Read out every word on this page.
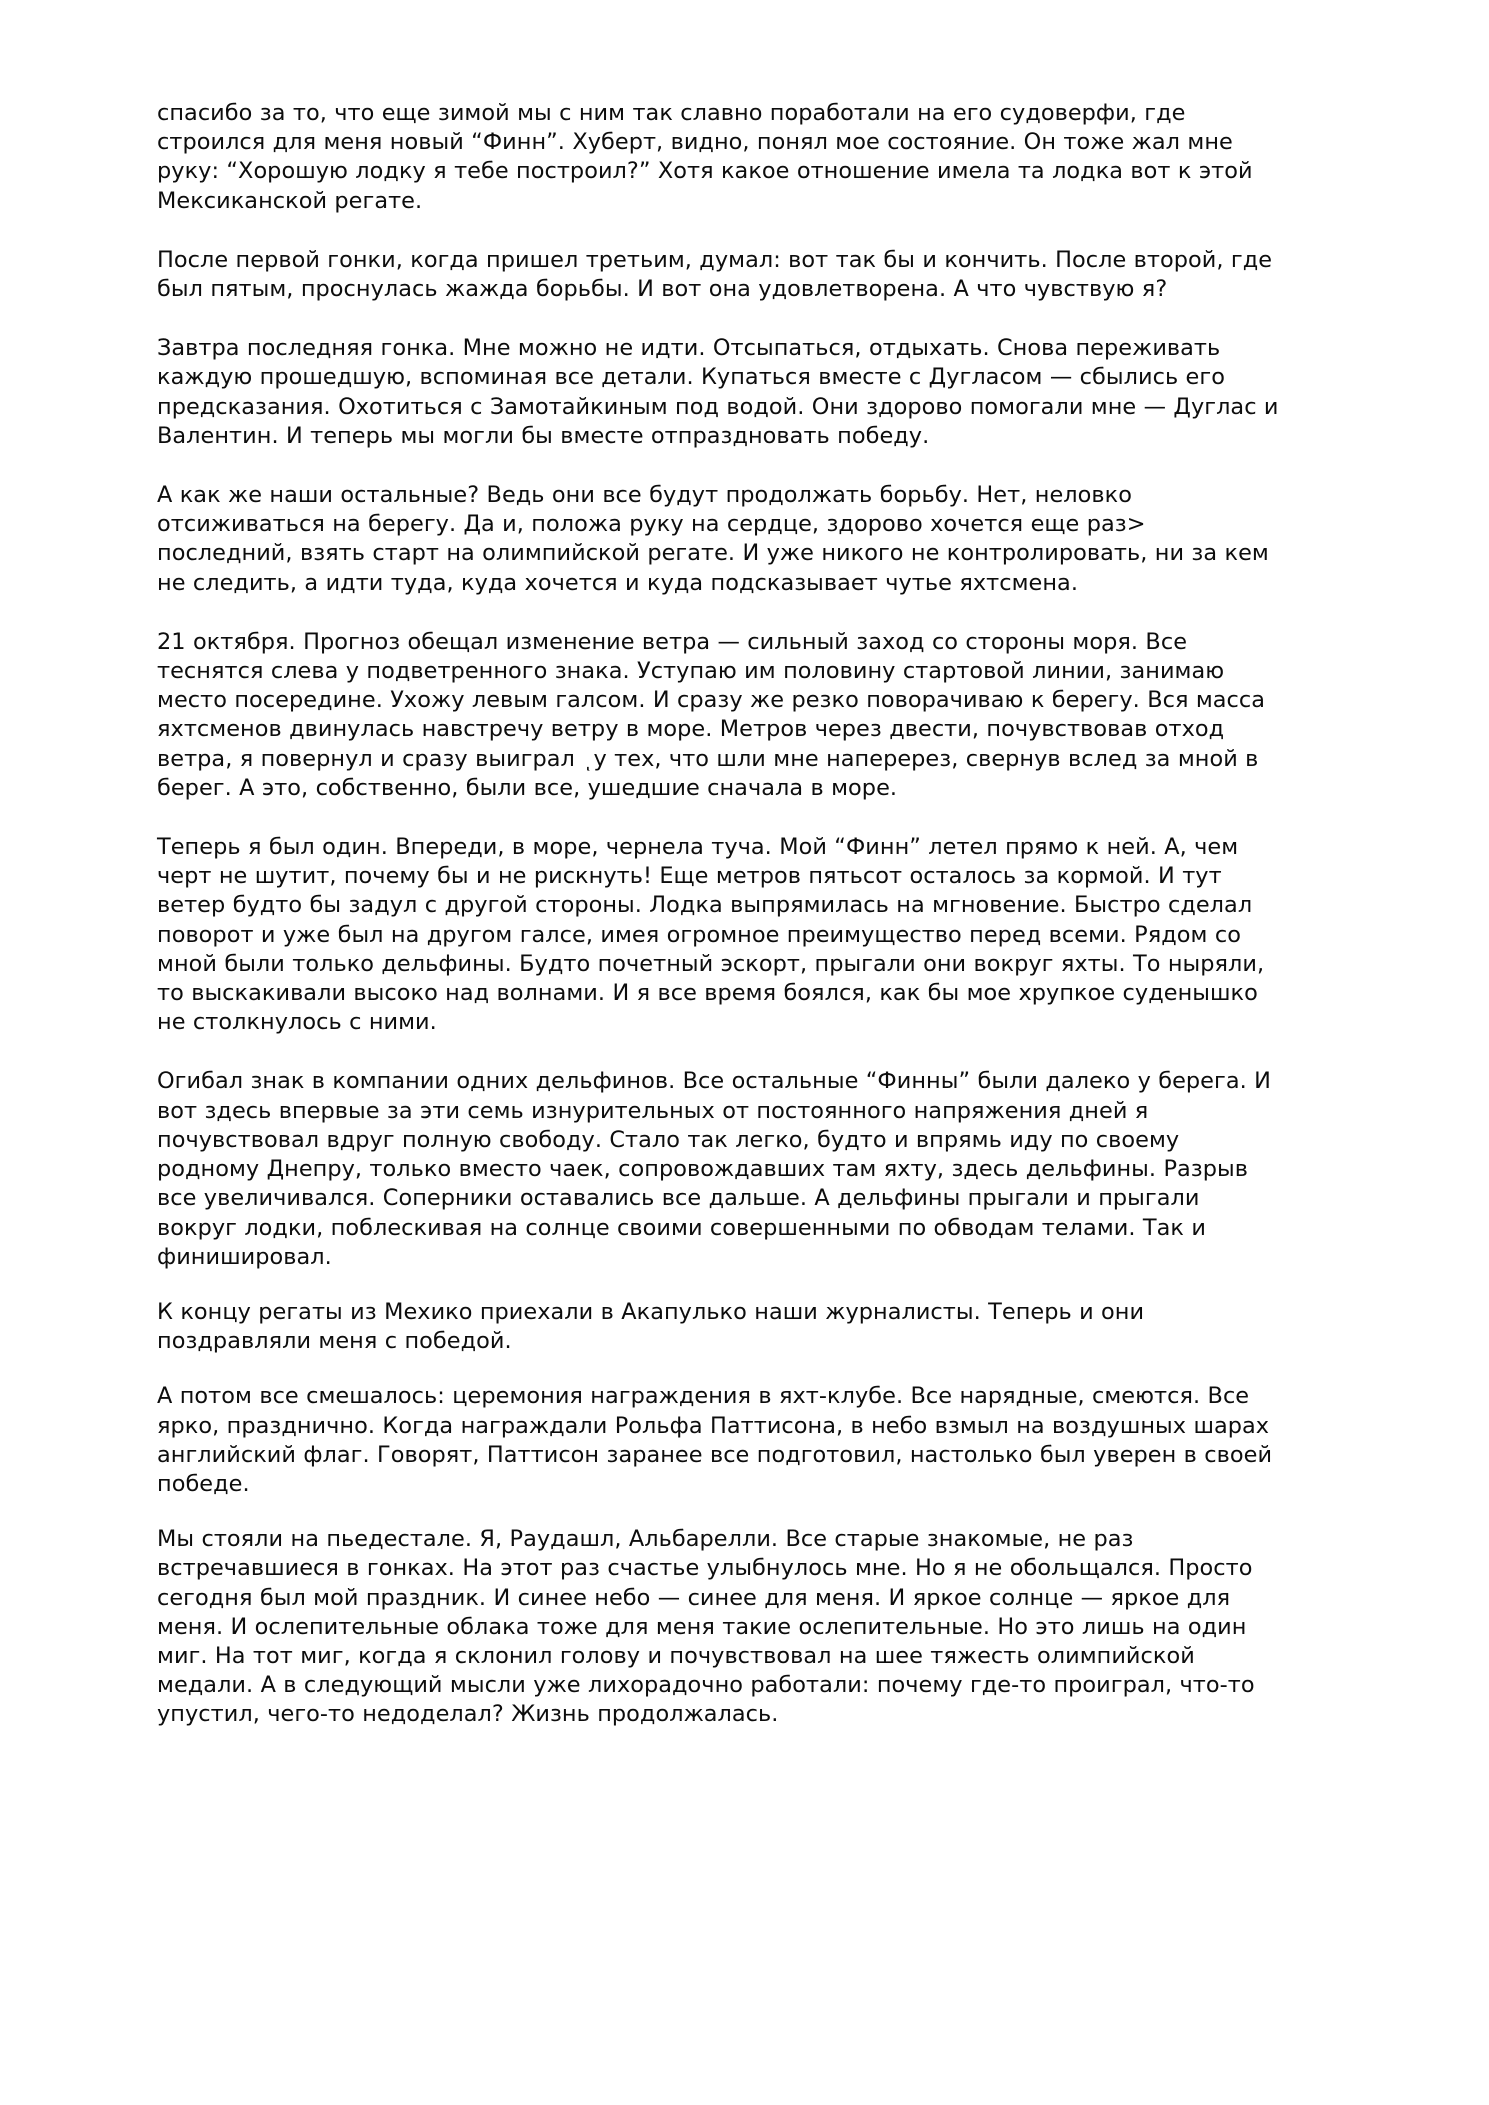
спасибо за то, что еще зимой мы с ним так славно поработали на его судоверфи, где строился для меня новый “Финн”. Хуберт, видно, понял мое состояние. Он тоже жал мне руку: “Хорошую лодку я тебе построил?” Хотя какое отношение имела та лодка вот к этой Мексиканской регате.

После первой гонки, когда пришел третьим, думал: вот так бы и кончить. После второй, где был пятым, проснулась жажда борьбы. И вот она удовлетворена. А что чувствую я?

Завтра последняя гонка. Мне можно не идти. Отсыпаться, отдыхать. Снова переживать каждую прошедшую, вспоминая все детали. Купаться вместе с Дугласом — сбылись его предсказания. Охотиться с Замотайкиным под водой. Они здорово помогали мне — Дуглас и Валентин. И теперь мы могли бы вместе отпраздновать победу.

А как же наши остальные? Ведь они все будут продолжать борьбу. Нет, неловко отсиживаться на берегу. Да и, положа руку на сердце, здорово хочется еще раз> последний, взять старт на олимпийской регате. И уже никого не контролировать, ни за кем не следить, а идти туда, куда хочется и куда подсказывает чутье яхтсмена.

21 октября. Прогноз обещал изменение ветра — сильный заход со стороны моря. Все теснятся слева у подветренного знака. Уступаю им половину стартовой линии, занимаю место посередине. Ухожу левым галсом. И сразу же резко поворачиваю к берегу. Вся масса яхтсменов двинулась навстречу ветру в море. Метров через двести, почувствовав отход ветра, я повернул и сразу выиграл ͺу тех, что шли мне наперерез, свернув вслед за мной в берег. А это, собственно, были все, ушедшие сначала в море.

Теперь я был один. Впереди, в море, чернела туча. Мой “Финн” летел прямо к ней. А, чем черт не шутит, почему бы и не рискнуть! Еще метров пятьсот осталось за кормой. И тут ветер будто бы задул с другой стороны. Лодка выпрямилась на мгновение. Быстро сделал поворот и уже был на другом галсе, имея огромное преимущество перед всеми. Рядом со мной были только дельфины. Будто почетный эскорт, прыгали они вокруг яхты. То ныряли, то выскакивали высоко над волнами. И я все время боялся, как бы мое хрупкое суденышко не столкнулось с ними.

Огибал знак в компании одних дельфинов. Все остальные “Финны” были далеко у берега. И вот здесь впервые за эти семь изнурительных от постоянного напряжения дней я почувствовал вдруг полную свободу. Стало так легко, будто и впрямь иду по своему родному Днепру, только вместо чаек, сопровождавших там яхту, здесь дельфины. Разрыв все увеличивался. Соперники оставались все дальше. А дельфины прыгали и прыгали вокруг лодки, поблескивая на солнце своими совершенными по обводам телами. Так и финишировал.

К концу регаты из Мехико приехали в Акапулько наши журналисты. Теперь и они поздравляли меня с победой.

А потом все смешалось: церемония награждения в яхт-клубе. Все нарядные, смеются. Все ярко, празднично. Когда награждали Рольфа Паттисона, в небо взмыл на воздушных шарах английский флаг. Говорят, Паттисон заранее все подготовил, настолько был уверен в своей победе.

Мы стояли на пьедестале. Я, Раудашл, Альбарелли. Все старые знакомые, не раз встречавшиеся в гонках. На этот раз счастье улыбнулось мне. Но я не обольщался. Просто сегодня был мой праздник. И синее небо — синее для меня. И яркое солнце — яркое для меня. И ослепительные облака тоже для меня такие ослепительные. Но это лишь на один миг. На тот миг, когда я склонил голову и почувствовал на шее тяжесть олимпийской медали. А в следующий мысли уже лихорадочно работали: почему где-то проиграл, что-то упустил, чего-то недоделал? Жизнь продолжалась.
